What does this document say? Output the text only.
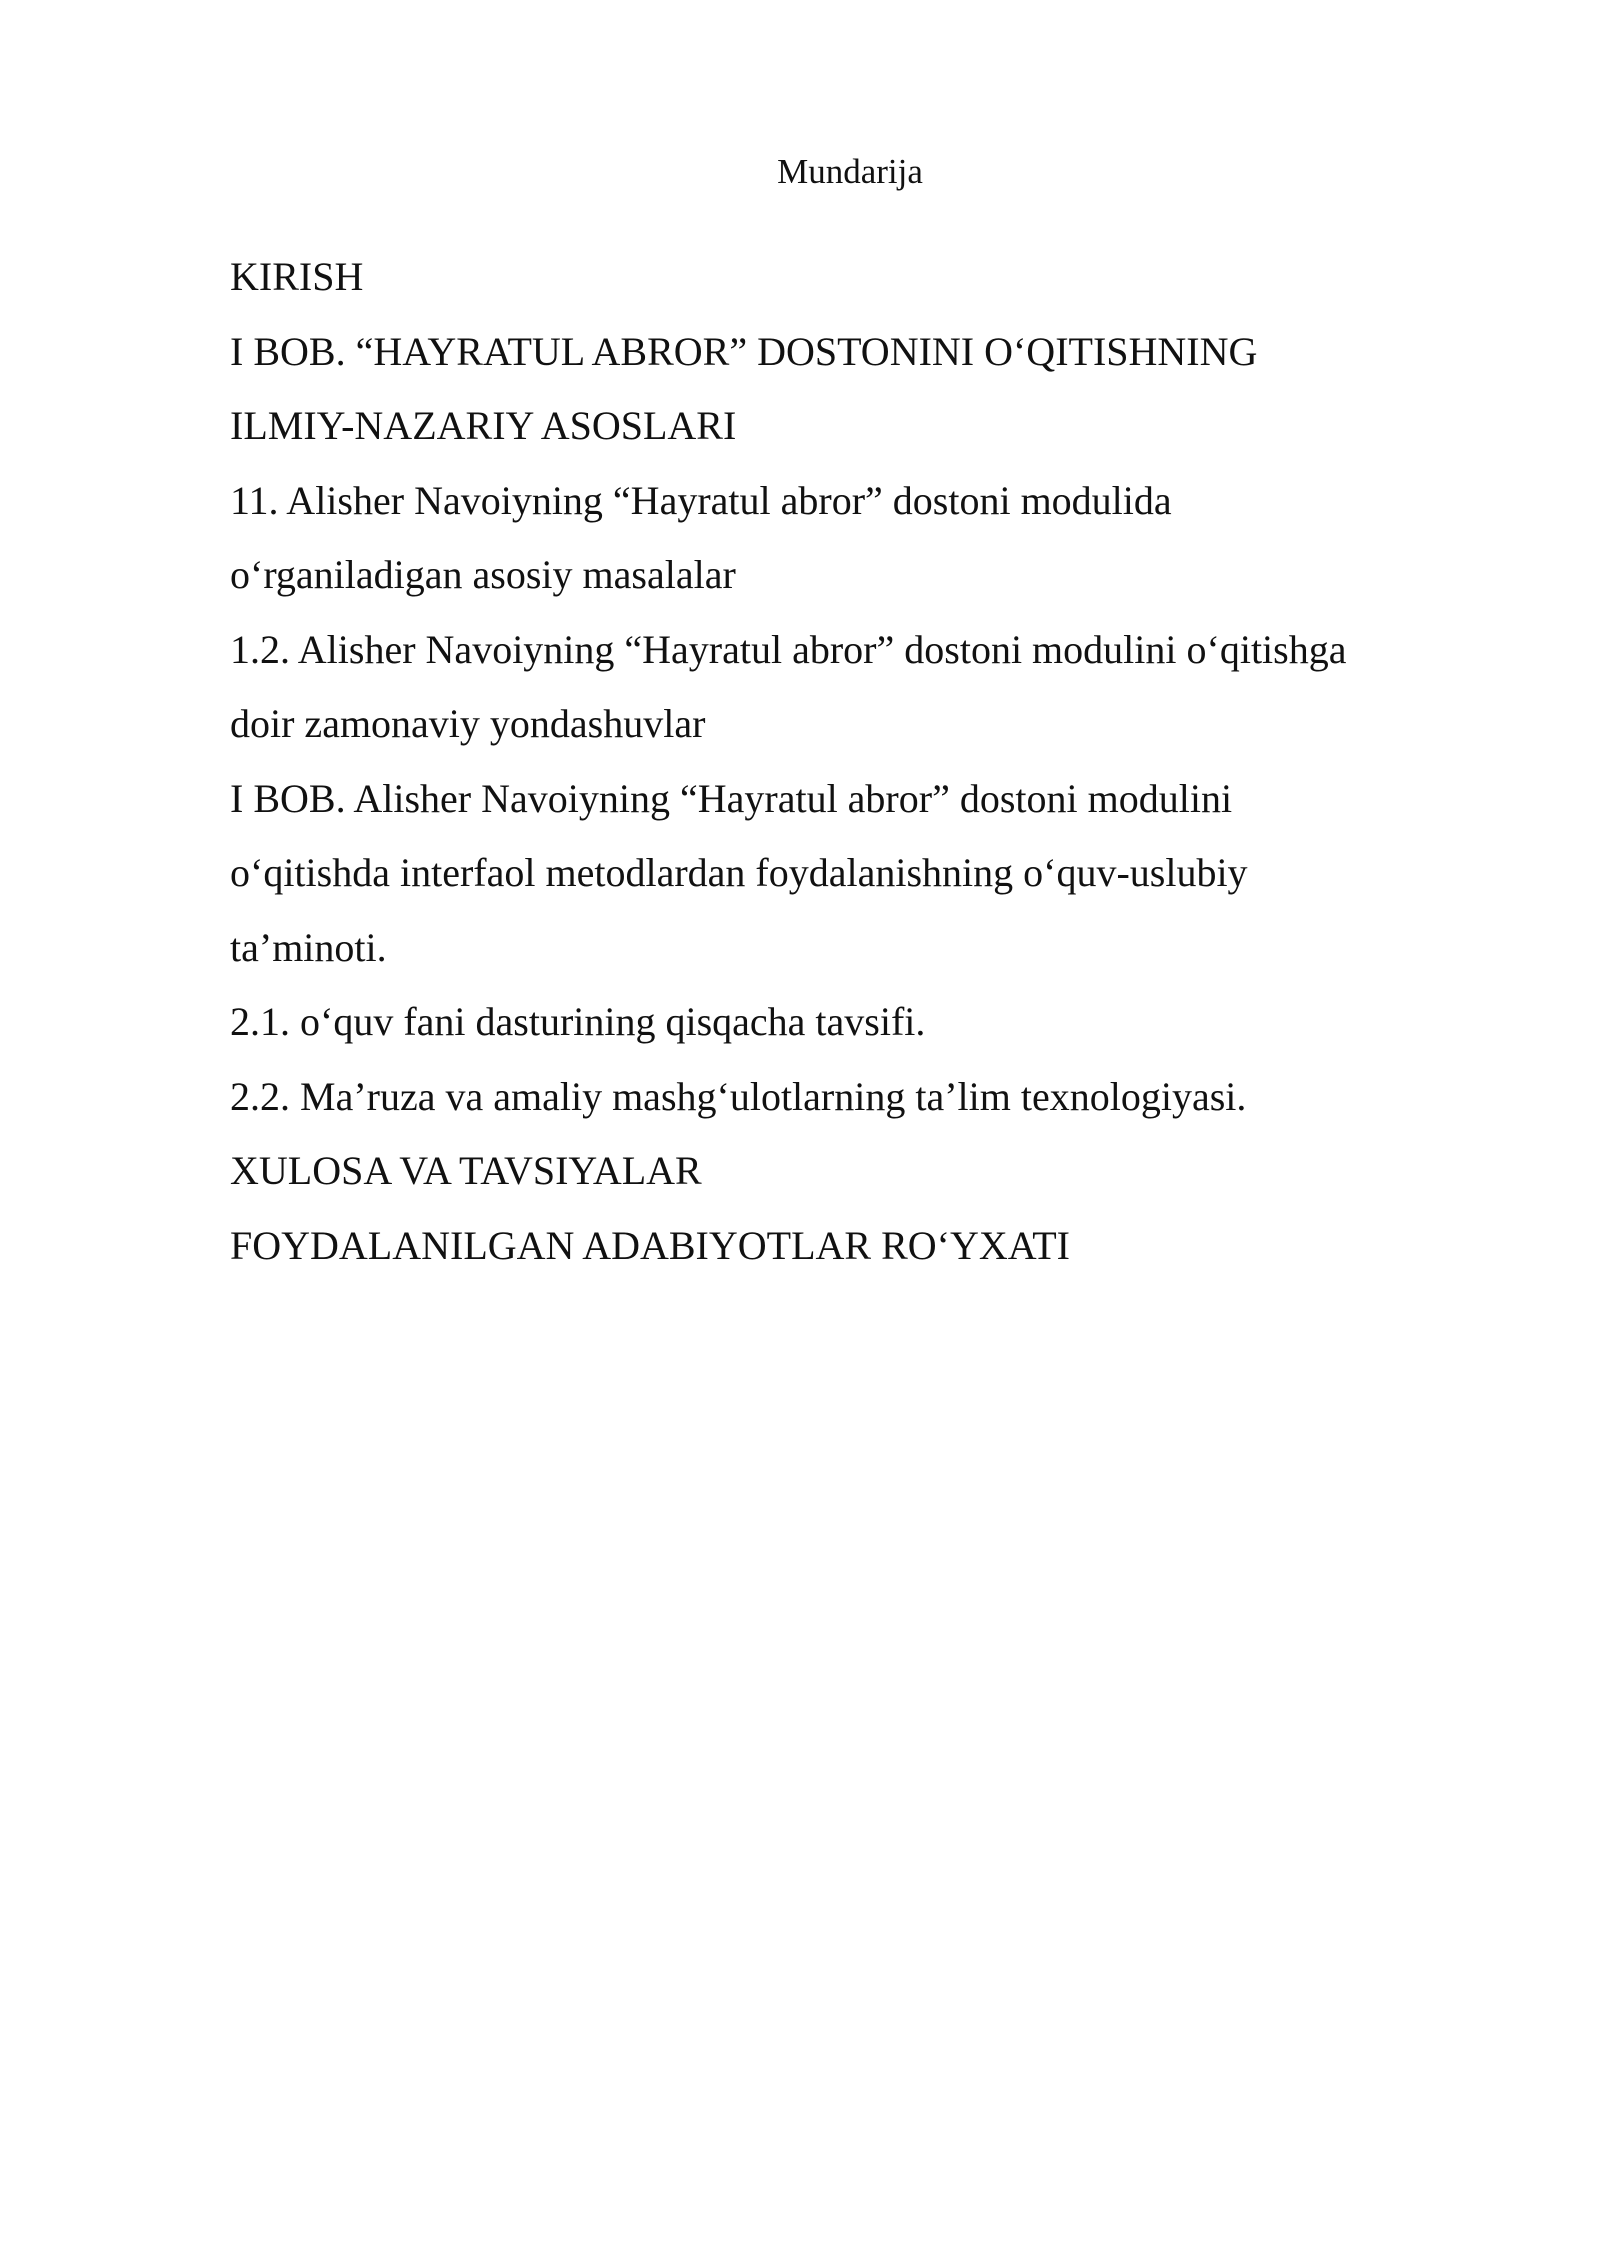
Mundarija
KIRISH
I BOB. “HAYRATUL ABROR” DOSTONINI O‘QITISHNING
ILMIY-NAZARIY ASOSLARI
11. Alisher Navoiyning “Hayratul abror” dostoni modulida
o‘rganiladigan asosiy masalalar
1.2. Alisher Navoiyning “Hayratul abror” dostoni modulini o‘qitishga
doir zamonaviy yondashuvlar
I BOB. Alisher Navoiyning “Hayratul abror” dostoni modulini
o‘qitishda interfaol metodlardan foydalanishning o‘quv-uslubiy
ta’minoti.
2.1. o‘quv fani dasturining qisqacha tavsifi.
2.2. Ma’ruza va amaliy mashg‘ulotlarning ta’lim texnologiyasi.
XULOSA VA TAVSIYALAR
FOYDALANILGAN ADABIYOTLAR RO‘YXATI
